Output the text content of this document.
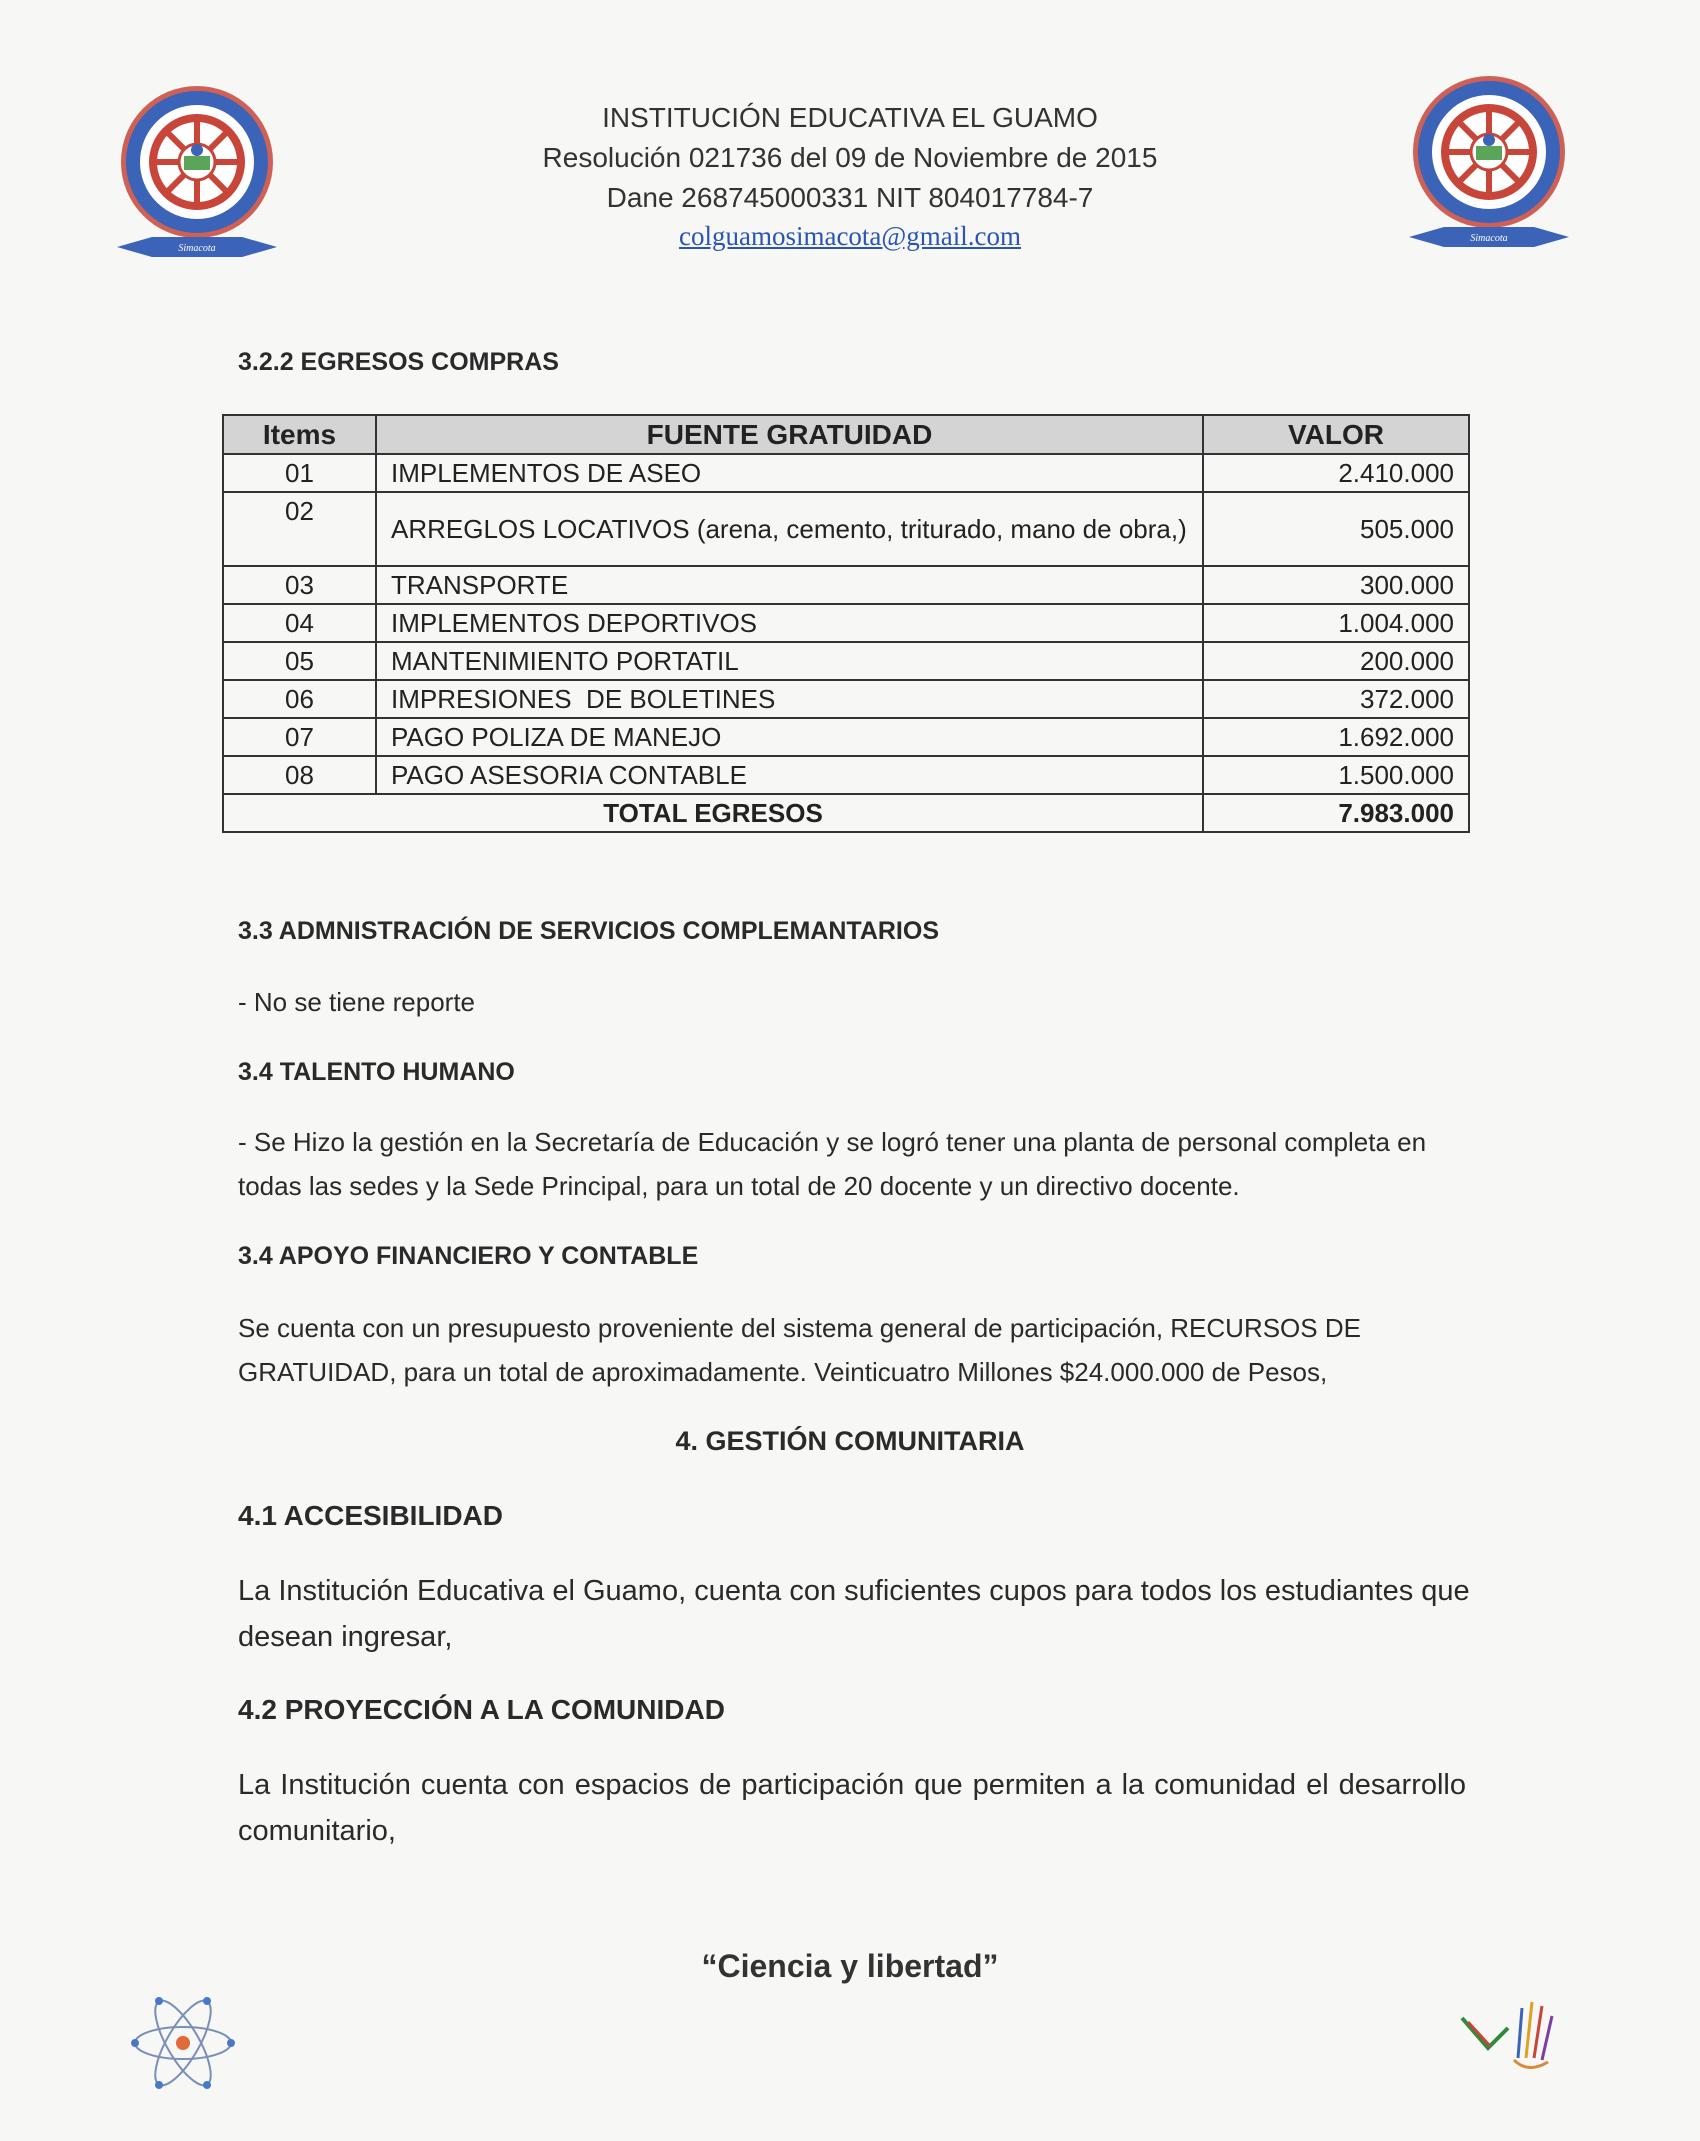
Simacota
Simacota
INSTITUCIÓN EDUCATIVA EL GUAMO
Resolución 021736 del 09 de Noviembre de 2015
Dane 268745000331 NIT 804017784-7
colguamosimacota@gmail.com
3.2.2 EGRESOS COMPRAS
Items	FUENTE GRATUIDAD	VALOR
01	IMPLEMENTOS DE ASEO	2.410.000
02	ARREGLOS LOCATIVOS (arena, cemento, triturado, mano de obra,)	505.000
03	TRANSPORTE	300.000
04	IMPLEMENTOS DEPORTIVOS	1.004.000
05	MANTENIMIENTO PORTATIL	200.000
06	IMPRESIONES  DE BOLETINES	372.000
07	PAGO POLIZA DE MANEJO	1.692.000
08	PAGO ASESORIA CONTABLE	1.500.000
TOTAL EGRESOS		7.983.000
3.3 ADMNISTRACIÓN DE SERVICIOS COMPLEMANTARIOS
- No se tiene reporte
3.4 TALENTO HUMANO
- Se Hizo la gestión en la Secretaría de Educación y se logró tener una planta de personal completa en todas las sedes y la Sede Principal, para un total de 20 docente y un directivo docente.
3.4 APOYO FINANCIERO Y CONTABLE
Se cuenta con un presupuesto proveniente del sistema general de participación, RECURSOS DE GRATUIDAD, para un total de aproximadamente. Veinticuatro Millones $24.000.000 de Pesos,
4. GESTIÓN COMUNITARIA
4.1 ACCESIBILIDAD
La Institución Educativa el Guamo, cuenta con suficientes cupos para todos los estudiantes que desean ingresar,
4.2 PROYECCIÓN A LA COMUNIDAD
La Institución cuenta con espacios de participación que permiten a la comunidad el desarrollo comunitario,
“Ciencia y libertad”
